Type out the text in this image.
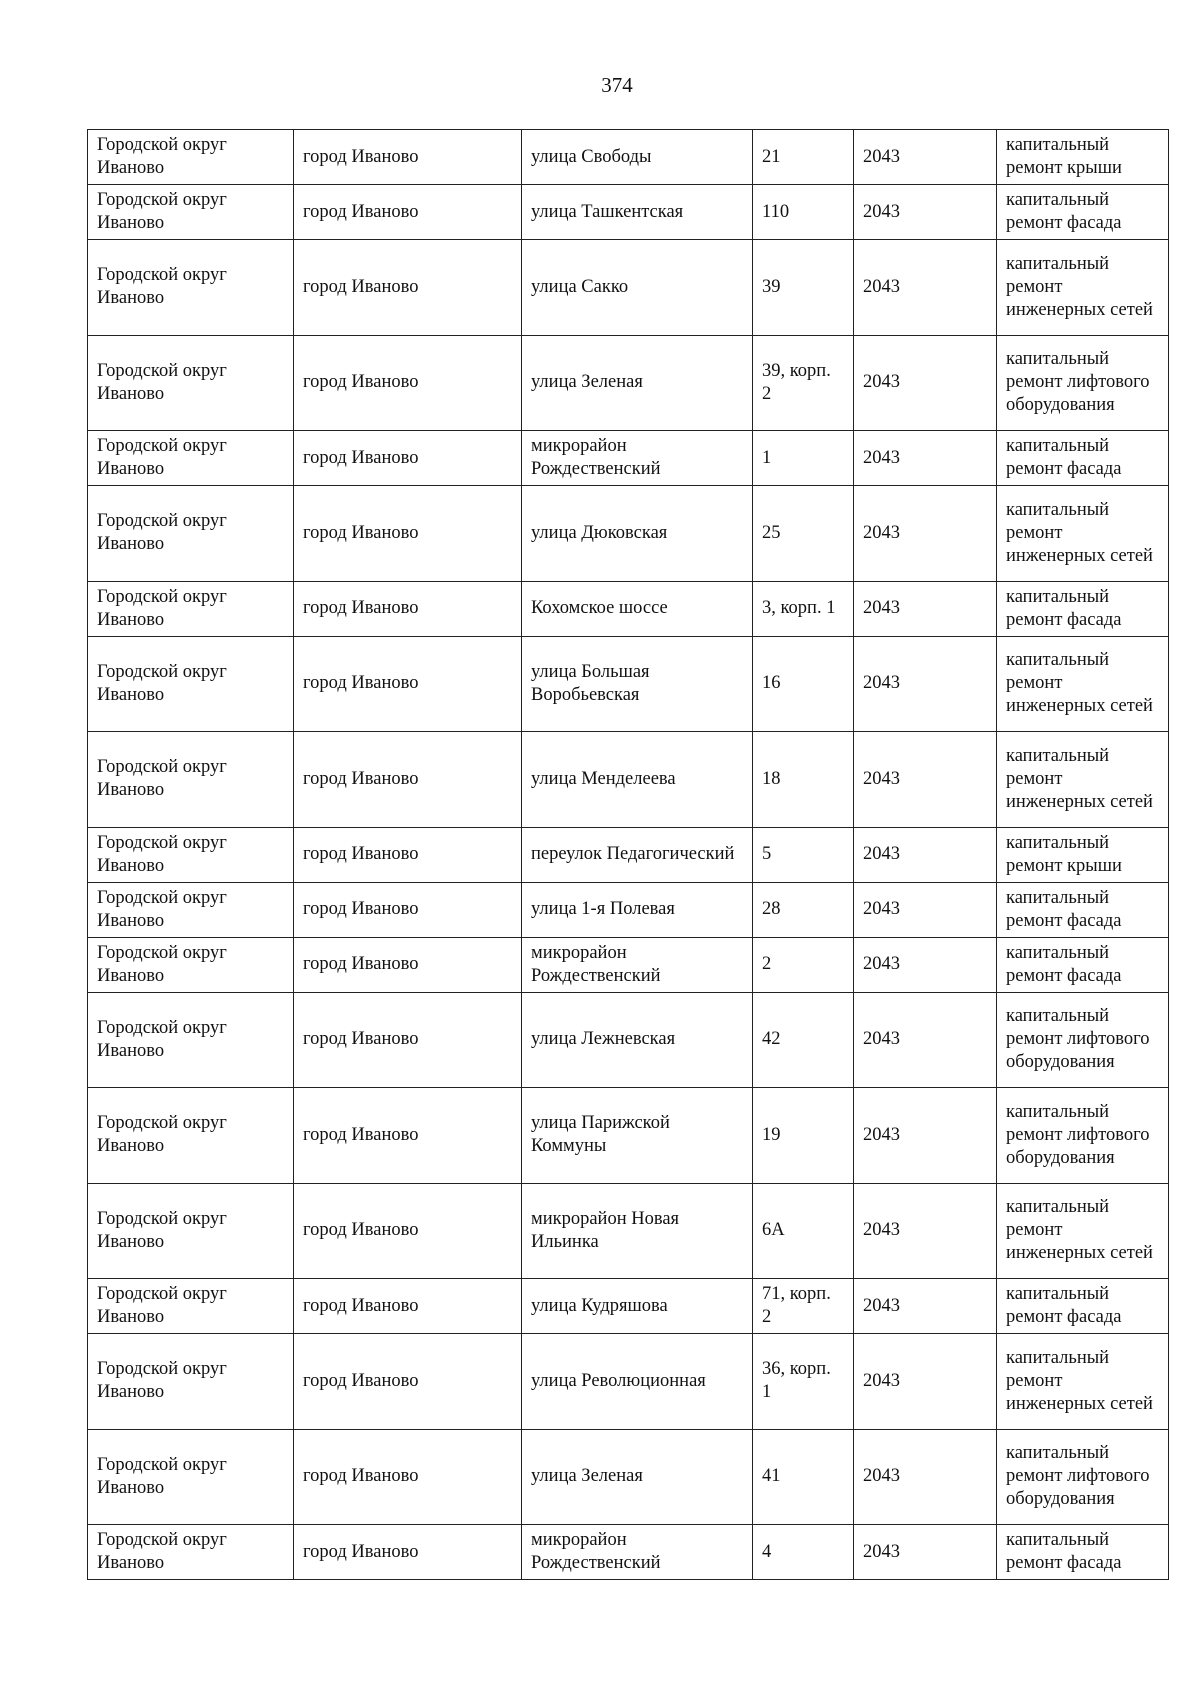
374
Городской округ Иваново	город Иваново	улица Свободы	21	2043	капитальный ремонт крыши

Городской округ Иваново	город Иваново	улица Ташкентская	110	2043	капитальный ремонт фасада

Городской округ Иваново	город Иваново	улица Сакко	39	2043	капитальный ремонт инженерных сетей

Городской округ Иваново	город Иваново	улица Зеленая	39, корп. 2	2043	капитальный ремонт лифтового оборудования

Городской округ Иваново	город Иваново	микрорайон Рождественский	1	2043	капитальный ремонт фасада

Городской округ Иваново	город Иваново	улица Дюковская	25	2043	капитальный ремонт инженерных сетей

Городской округ Иваново	город Иваново	Кохомское шоссе	3, корп. 1	2043	капитальный ремонт фасада

Городской округ Иваново	город Иваново	улица Большая Воробьевская	16	2043	капитальный ремонт инженерных сетей

Городской округ Иваново	город Иваново	улица Менделеева	18	2043	капитальный ремонт инженерных сетей

Городской округ Иваново	город Иваново	переулок Педагогический	5	2043	капитальный ремонт крыши

Городской округ Иваново	город Иваново	улица 1-я Полевая	28	2043	капитальный ремонт фасада

Городской округ Иваново	город Иваново	микрорайон Рождественский	2	2043	капитальный ремонт фасада

Городской округ Иваново	город Иваново	улица Лежневская	42	2043	капитальный ремонт лифтового оборудования

Городской округ Иваново	город Иваново	улица Парижской Коммуны	19	2043	капитальный ремонт лифтового оборудования

Городской округ Иваново	город Иваново	микрорайон Новая Ильинка	6А	2043	капитальный ремонт инженерных сетей

Городской округ Иваново	город Иваново	улица Кудряшова	71, корп. 2	2043	капитальный ремонт фасада

Городской округ Иваново	город Иваново	улица Революционная	36, корп. 1	2043	капитальный ремонт инженерных сетей

Городской округ Иваново	город Иваново	улица Зеленая	41	2043	капитальный ремонт лифтового оборудования

Городской округ Иваново	город Иваново	микрорайон Рождественский	4	2043	капитальный ремонт фасада
